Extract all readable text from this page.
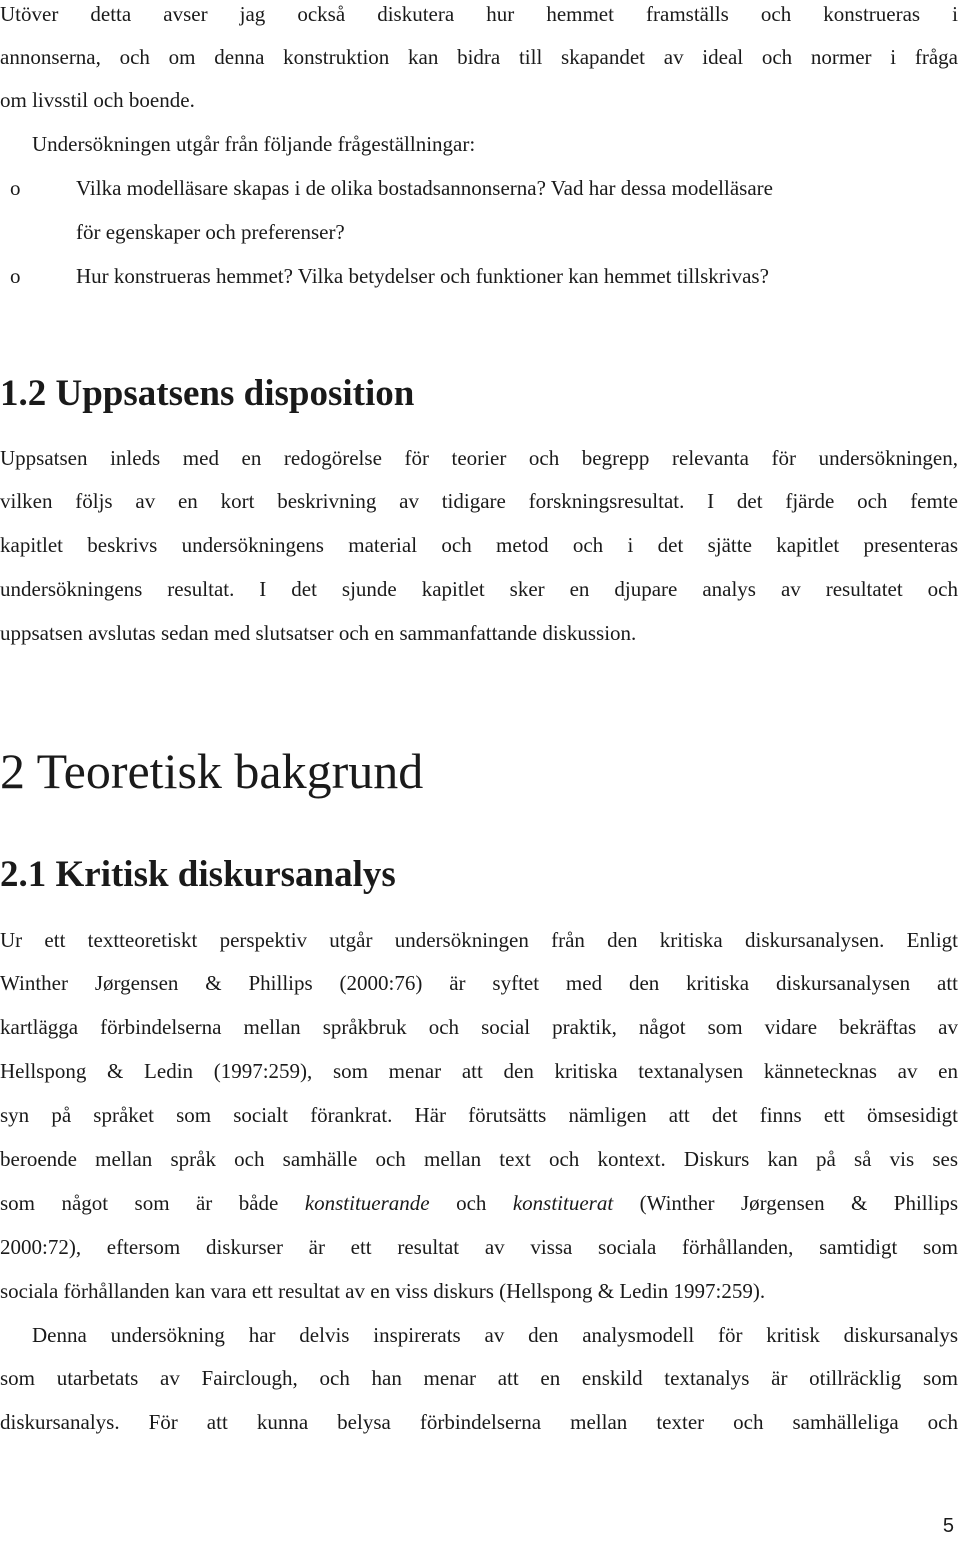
Utöver detta avser jag också diskutera hur hemmet framställs och konstrueras i
annonserna, och om denna konstruktion kan bidra till skapandet av ideal och normer i fråga
om livsstil och boende.
Undersökningen utgår från följande frågeställningar:
o	Vilka modelläsare skapas i de olika bostadsannonserna? Vad har dessa modelläsare
för egenskaper och preferenser?
o	Hur konstrueras hemmet? Vilka betydelser och funktioner kan hemmet tillskrivas?
1.2 Uppsatsens disposition
Uppsatsen inleds med en redogörelse för teorier och begrepp relevanta för undersökningen,
vilken följs av en kort beskrivning av tidigare forskningsresultat. I det fjärde och femte
kapitlet beskrivs undersökningens material och metod och i det sjätte kapitlet presenteras
undersökningens resultat. I det sjunde kapitlet sker en djupare analys av resultatet och
uppsatsen avslutas sedan med slutsatser och en sammanfattande diskussion.
2 Teoretisk bakgrund
2.1 Kritisk diskursanalys
Ur ett textteoretiskt perspektiv utgår undersökningen från den kritiska diskursanalysen. Enligt
Winther Jørgensen & Phillips (2000:76) är syftet med den kritiska diskursanalysen att
kartlägga förbindelserna mellan språkbruk och social praktik, något som vidare bekräftas av
Hellspong & Ledin (1997:259), som menar att den kritiska textanalysen kännetecknas av en
syn på språket som socialt förankrat. Här förutsätts nämligen att det finns ett ömsesidigt
beroende mellan språk och samhälle och mellan text och kontext. Diskurs kan på så vis ses
som något som är både konstituerande och konstituerat (Winther Jørgensen & Phillips
2000:72), eftersom diskurser är ett resultat av vissa sociala förhållanden, samtidigt som
sociala förhållanden kan vara ett resultat av en viss diskurs (Hellspong & Ledin 1997:259).
Denna undersökning har delvis inspirerats av den analysmodell för kritisk diskursanalys
som utarbetats av Fairclough, och han menar att en enskild textanalys är otillräcklig som
diskursanalys. För att kunna belysa förbindelserna mellan texter och samhälleliga och
5
